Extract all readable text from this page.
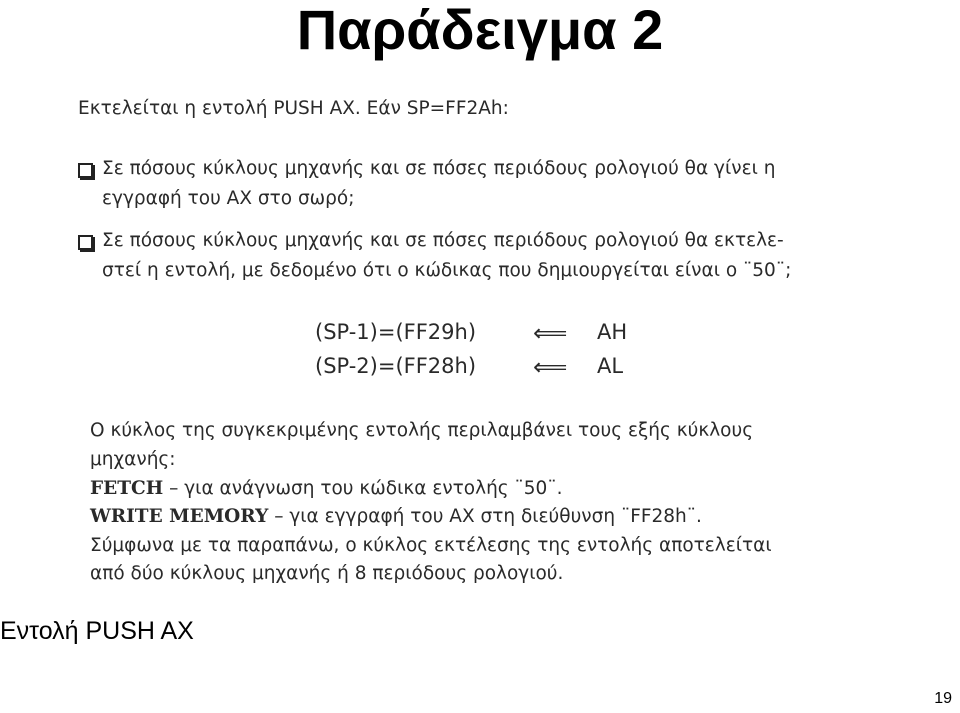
Παράδειγμα 2

Εκτελείται η εντολή PUSH AX. Εάν SP=FF2Ah:

Σε πόσους κύκλους μηχανής και σε πόσες περιόδους ρολογιού θα γίνει η
εγγραφή του AX στο σωρό;
Σε πόσους κύκλους μηχανής και σε πόσες περιόδους ρολογιού θα εκτελε-
στεί η εντολή, με δεδομένο ότι ο κώδικας που δημιουργείται είναι ο ¨50¨;
(SP-1)=(FF29h) ⟸ AH
(SP-2)=(FF28h) ⟸ AL
Ο κύκλος της συγκεκριμένης εντολής περιλαμβάνει τους εξής κύκλους
μηχανής:
FETCH – για ανάγνωση του κώδικα εντολής ¨50¨.
WRITE MEMORY – για εγγραφή του AX στη διεύθυνση ¨FF28h¨.
Σύμφωνα με τα παραπάνω, ο κύκλος εκτέλεσης της εντολής αποτελείται
από δύο κύκλους μηχανής ή 8 περιόδους ρολογιού.
Εντολή PUSH AX
19
